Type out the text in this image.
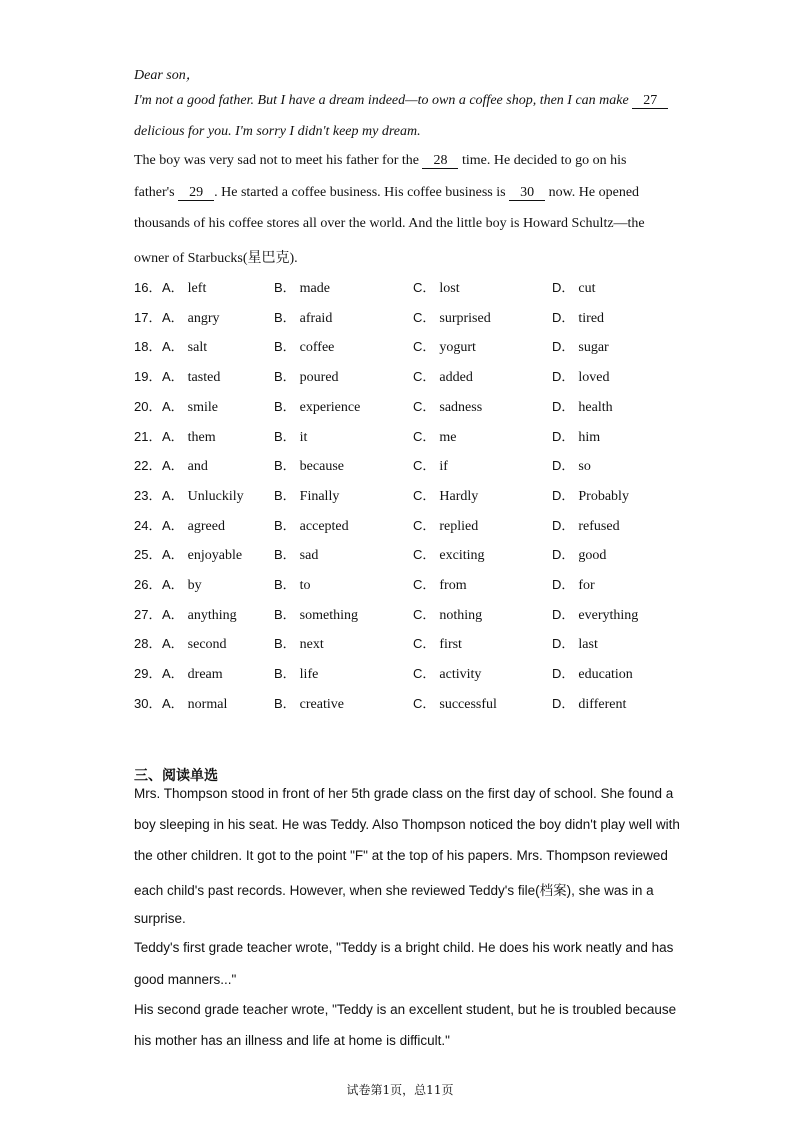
Dear son，
I'm not a good father. But I have a dream indeed—to own a coffee shop, then I can make 27
delicious for you. I'm sorry I didn't keep my dream.
The boy was very sad not to meet his father for the 28 time. He decided to go on his
father's 29 . He started a coffee business. His coffee business is 30 now. He opened
thousands of his coffee stores all over the world. And the little boy is Howard Schultz—the
owner of Starbucks(星巴克).
16． A． left	B． made	C． lost	D． cut
17． A． angry	B． afraid	C． surprised	D． tired
18． A． salt	B． coffee	C． yogurt	D． sugar
19． A． tasted	B． poured	C． added	D． loved
20． A． smile	B． experience	C． sadness	D． health
21． A． them	B． it	C． me	D． him
22． A． and	B． because	C． if	D． so
23． A． Unluckily B． Finally	C． Hardly	D． Probably
24． A． agreed	B． accepted	C． replied	D． refused
25． A． enjoyable B． sad	C． exciting	D． good
26． A． by	B． to	C． from	D． for
27． A． anything	B． something	C． nothing	D． everything
28． A． second	B． next	C． first	D． last
29． A． dream	B． life	C． activity	D． education
30． A． normal	B． creative	C． successful	D． different
三、阅读单选
Mrs. Thompson stood in front of her 5th grade class on the first day of school. She found a
boy sleeping in his seat. He was Teddy. Also Thompson noticed the boy didn't play well with
the other children. It got to the point "F" at the top of his papers. Mrs. Thompson reviewed
each child's past records. However, when she reviewed Teddy's file(档案), she was in a
surprise.
Teddy's first grade teacher wrote, "Teddy is a bright child. He does his work neatly and has
good manners..."
His second grade teacher wrote, "Teddy is an excellent student, but he is troubled because
his mother has an illness and life at home is difficult."
试卷第1页，总11页
